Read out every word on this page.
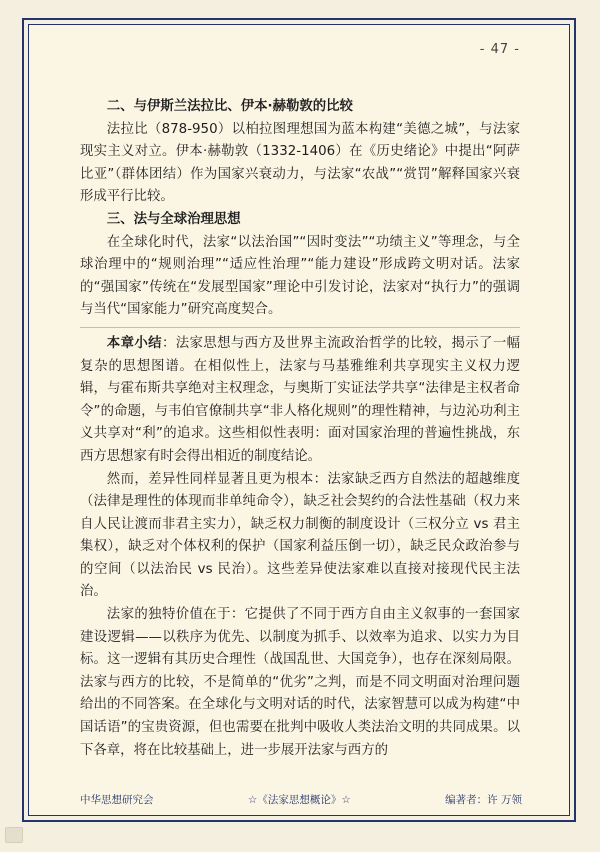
- 47 -

二、与伊斯兰法拉比、伊本·赫勒敦的比较

法拉比（878-950）以柏拉图理想国为蓝本构建“美德之城”，与法家现实主义对立。伊本·赫勒敦（1332-1406）在《历史绪论》中提出“阿萨比亚”（群体团结）作为国家兴衰动力，与法家“农战”“赏罚”解释国家兴衰形成平行比较。

三、法与全球治理思想

在全球化时代，法家“以法治国”“因时变法”“功绩主义”等理念，与全球治理中的“规则治理”“适应性治理”“能力建设”形成跨文明对话。法家的“强国家”传统在“发展型国家”理论中引发讨论，法家对“执行力”的强调与当代“国家能力”研究高度契合。

本章小结：法家思想与西方及世界主流政治哲学的比较，揭示了一幅复杂的思想图谱。在相似性上，法家与马基雅维利共享现实主义权力逻辑，与霍布斯共享绝对主权理念，与奥斯丁实证法学共享“法律是主权者命令”的命题，与韦伯官僚制共享“非人格化规则”的理性精神，与边沁功利主义共享对“利”的追求。这些相似性表明：面对国家治理的普遍性挑战，东西方思想家有时会得出相近的制度结论。

然而，差异性同样显著且更为根本：法家缺乏西方自然法的超越维度（法律是理性的体现而非单纯命令），缺乏社会契约的合法性基础（权力来自人民让渡而非君主实力），缺乏权力制衡的制度设计（三权分立 vs 君主集权），缺乏对个体权利的保护（国家利益压倒一切），缺乏民众政治参与的空间（以法治民 vs 民治）。这些差异使法家难以直接对接现代民主法治。

法家的独特价值在于：它提供了不同于西方自由主义叙事的一套国家建设逻辑——以秩序为优先、以制度为抓手、以效率为追求、以实力为目标。这一逻辑有其历史合理性（战国乱世、大国竞争），也存在深刻局限。法家与西方的比较，不是简单的“优劣”之判，而是不同文明面对治理问题给出的不同答案。在全球化与文明对话的时代，法家智慧可以成为构建“中国话语”的宝贵资源，但也需要在批判中吸收人类法治文明的共同成果。以下各章，将在比较基础上，进一步展开法家与西方的

中华思想研究会	☆《法家思想概论》☆	编著者：许 万领
